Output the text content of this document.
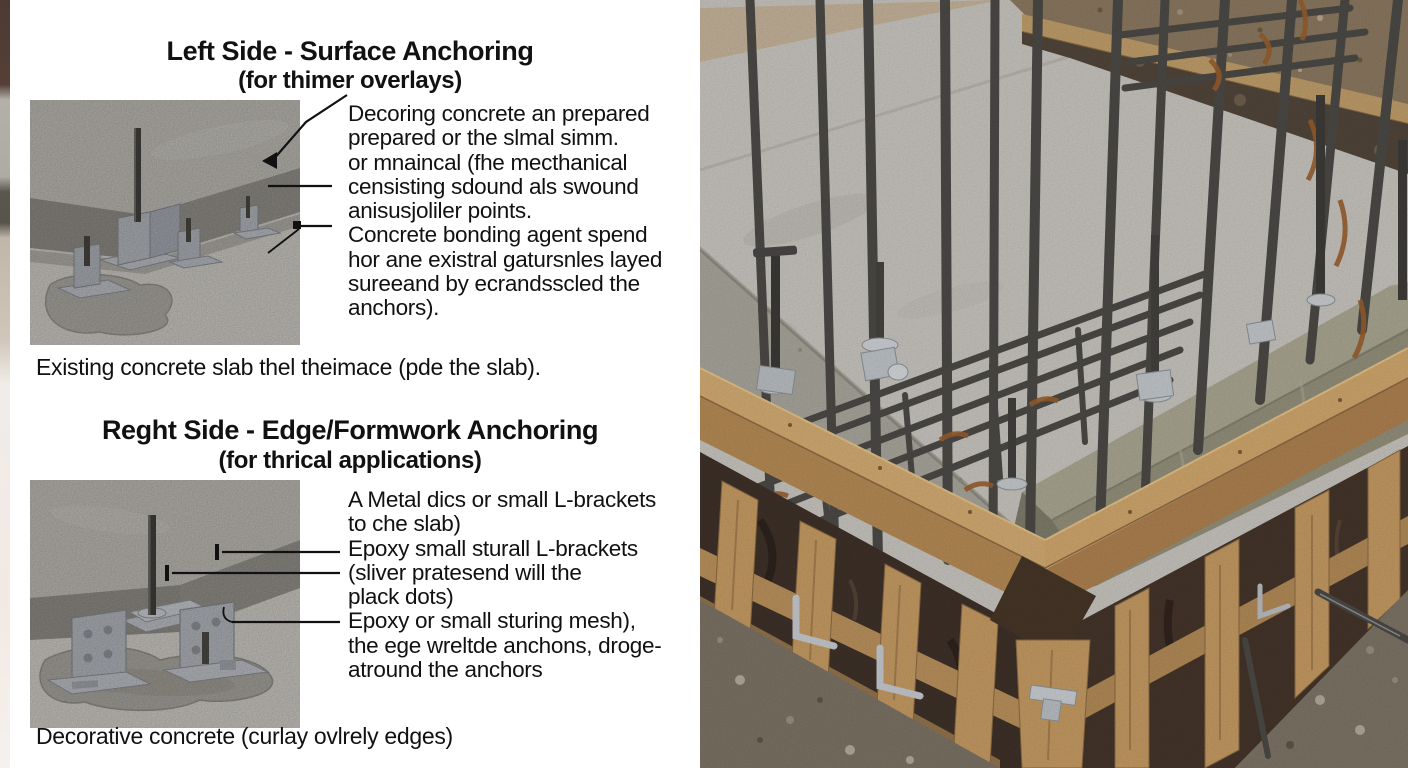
Left Side - Surface Anchoring
(for thimer overlays)
Decoring concrete an prepared
prepared or the slmal simm.
or mnaincal (fhe mecthanical
censisting sdound als swound
anisusjoliler points.
Concrete bonding agent spend
hor ane existral gatursnles layed
sureeand by ecrandsscled the
anchors).
Existing concrete slab thel theimace (pde the slab).
Reght Side - Edge/Formwork Anchoring
(for thrical applications)
A Metal dics or small L-brackets
to che slab)
Epoxy small sturall L-brackets
(sliver pratesend will the
plack dots)
Epoxy or small sturing mesh),
the ege wreltde anchons, droge-
atround the anchors
Decorative concrete (curlay ovlrely edges)
